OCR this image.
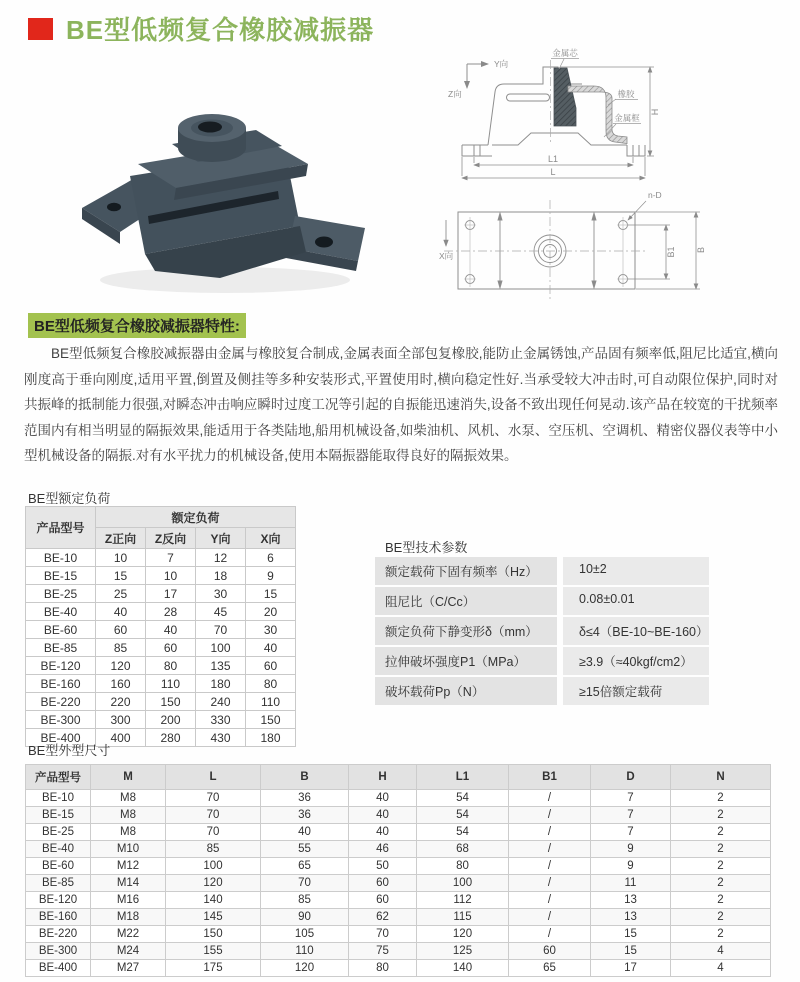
BE型低频复合橡胶减振器
Y向
Z向
金属芯
橡胶
金属框
L1
L
H
X向
n-D
B1 B
BE型低频复合橡胶减振器特性:
BE型低频复合橡胶减振器由金属与橡胶复合制成,金属表面全部包复橡胶,能防止金属锈蚀,产品固有频率低,阻尼比适宜,横向刚度高于垂向刚度,适用平置,倒置及侧挂等多种安装形式,平置使用时,横向稳定性好.当承受较大冲击时,可自动限位保护,同时对共振峰的抵制能力很强,对瞬态冲击响应瞬时过度工况等引起的自振能迅速消失,设备不致出现任何晃动.该产品在较宽的干扰频率范围内有相当明显的隔振效果,能适用于各类陆地,船用机械设备,如柴油机、风机、水泵、空压机、空调机、精密仪器仪表等中小型机械设备的隔振.对有水平扰力的机械设备,使用本隔振器能取得良好的隔振效果。
BE型额定负荷
产品型号	额定负荷			
	Z正向	Z反向	Y向	X向
BE-10	10	7	12	6
BE-15	15	10	18	9
BE-25	25	17	30	15
BE-40	40	28	45	20
BE-60	60	40	70	30
BE-85	85	60	100	40
BE-120	120	80	135	60
BE-160	160	110	180	80
BE-220	220	150	240	110
BE-300	300	200	330	150
BE-400	400	280	430	180
BE型技术参数
额定载荷下固有频率（Hz）	10±2
阻尼比（C/Cc）	0.08±0.01
额定负荷下静变形δ（mm）	δ≤4（BE-10~BE-160）
拉伸破坏强度P1（MPa）	≥3.9（≈40kgf/cm2）
破坏载荷Pp（N）	≥15倍额定载荷
BE型外型尺寸
产品型号	M	L	B	H	L1	B1	D	N
BE-10	M8	70	36	40	54	/	7	2
BE-15	M8	70	36	40	54	/	7	2
BE-25	M8	70	40	40	54	/	7	2
BE-40	M10	85	55	46	68	/	9	2
BE-60	M12	100	65	50	80	/	9	2
BE-85	M14	120	70	60	100	/	11	2
BE-120	M16	140	85	60	112	/	13	2
BE-160	M18	145	90	62	115	/	13	2
BE-220	M22	150	105	70	120	/	15	2
BE-300	M24	155	110	75	125	60	15	4
BE-400	M27	175	120	80	140	65	17	4
